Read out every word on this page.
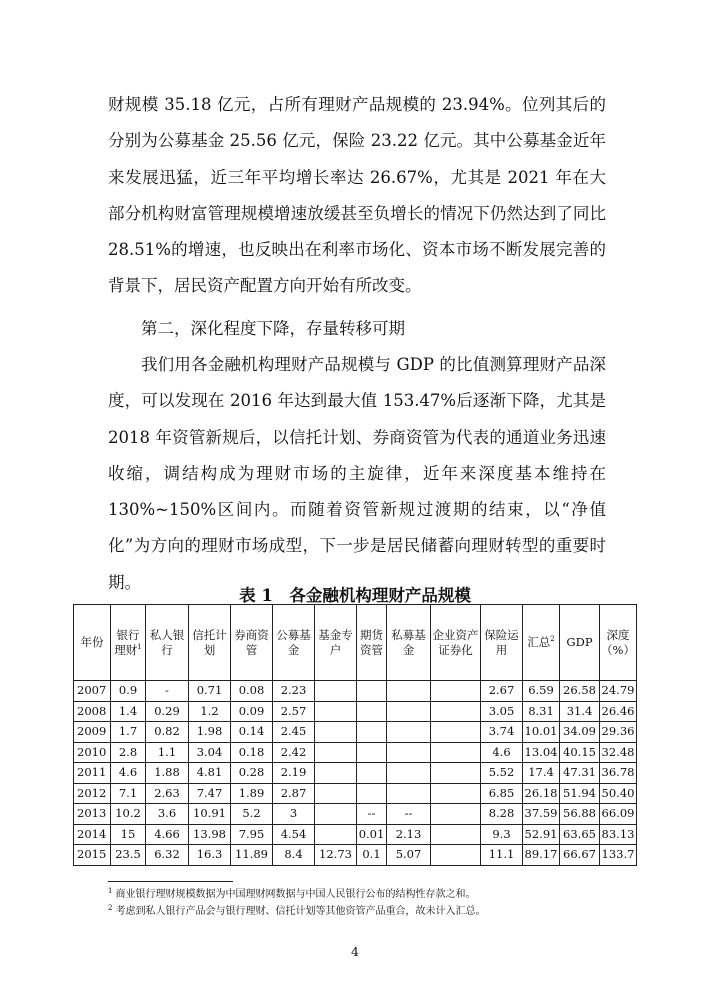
财规模 35.18 亿元，占所有理财产品规模的 23.94%。位列其后的分别为公募基金 25.56 亿元，保险 23.22 亿元。其中公募基金近年来发展迅猛，近三年平均增长率达 26.67%，尤其是 2021 年在大部分机构财富管理规模增速放缓甚至负增长的情况下仍然达到了同比 28.51%的增速，也反映出在利率市场化、资本市场不断发展完善的背景下，居民资产配置方向开始有所改变。

第二，深化程度下降，存量转移可期

我们用各金融机构理财产品规模与 GDP 的比值测算理财产品深度，可以发现在 2016 年达到最大值 153.47%后逐渐下降，尤其是 2018 年资管新规后，以信托计划、券商资管为代表的通道业务迅速收缩，调结构成为理财市场的主旋律，近年来深度基本维持在 130%~150%区间内。而随着资管新规过渡期的结束，以“净值化”为方向的理财市场成型，下一步是居民储蓄向理财转型的重要时期。

表 1　各金融机构理财产品规模

年份	银行理财$^1$	私人银行	信托计划	券商资管	公募基金	基金专户	期货资管	私募基金	企业资产证券化	保险运用	汇总$^2$	GDP	深度（%）
2007	0.9	-	0.71	0.08	2.23					2.67	6.59	26.58	24.79
2008	1.4	0.29	1.2	0.09	2.57					3.05	8.31	31.4	26.46
2009	1.7	0.82	1.98	0.14	2.45					3.74	10.01	34.09	29.36
2010	2.8	1.1	3.04	0.18	2.42					4.6	13.04	40.15	32.48
2011	4.6	1.88	4.81	0.28	2.19					5.52	17.4	47.31	36.78
2012	7.1	2.63	7.47	1.89	2.87					6.85	26.18	51.94	50.40
2013	10.2	3.6	10.91	5.2	3		--	--		8.28	37.59	56.88	66.09
2014	15	4.66	13.98	7.95	4.54		0.01	2.13		9.3	52.91	63.65	83.13
2015	23.5	6.32	16.3	11.89	8.4	12.73	0.1	5.07		11.1	89.17	66.67	133.7

$^1$ 商业银行理财规模数据为中国理财网数据与中国人民银行公布的结构性存款之和。

$^2$ 考虑到私人银行产品会与银行理财、信托计划等其他资管产品重合，故未计入汇总。

4
